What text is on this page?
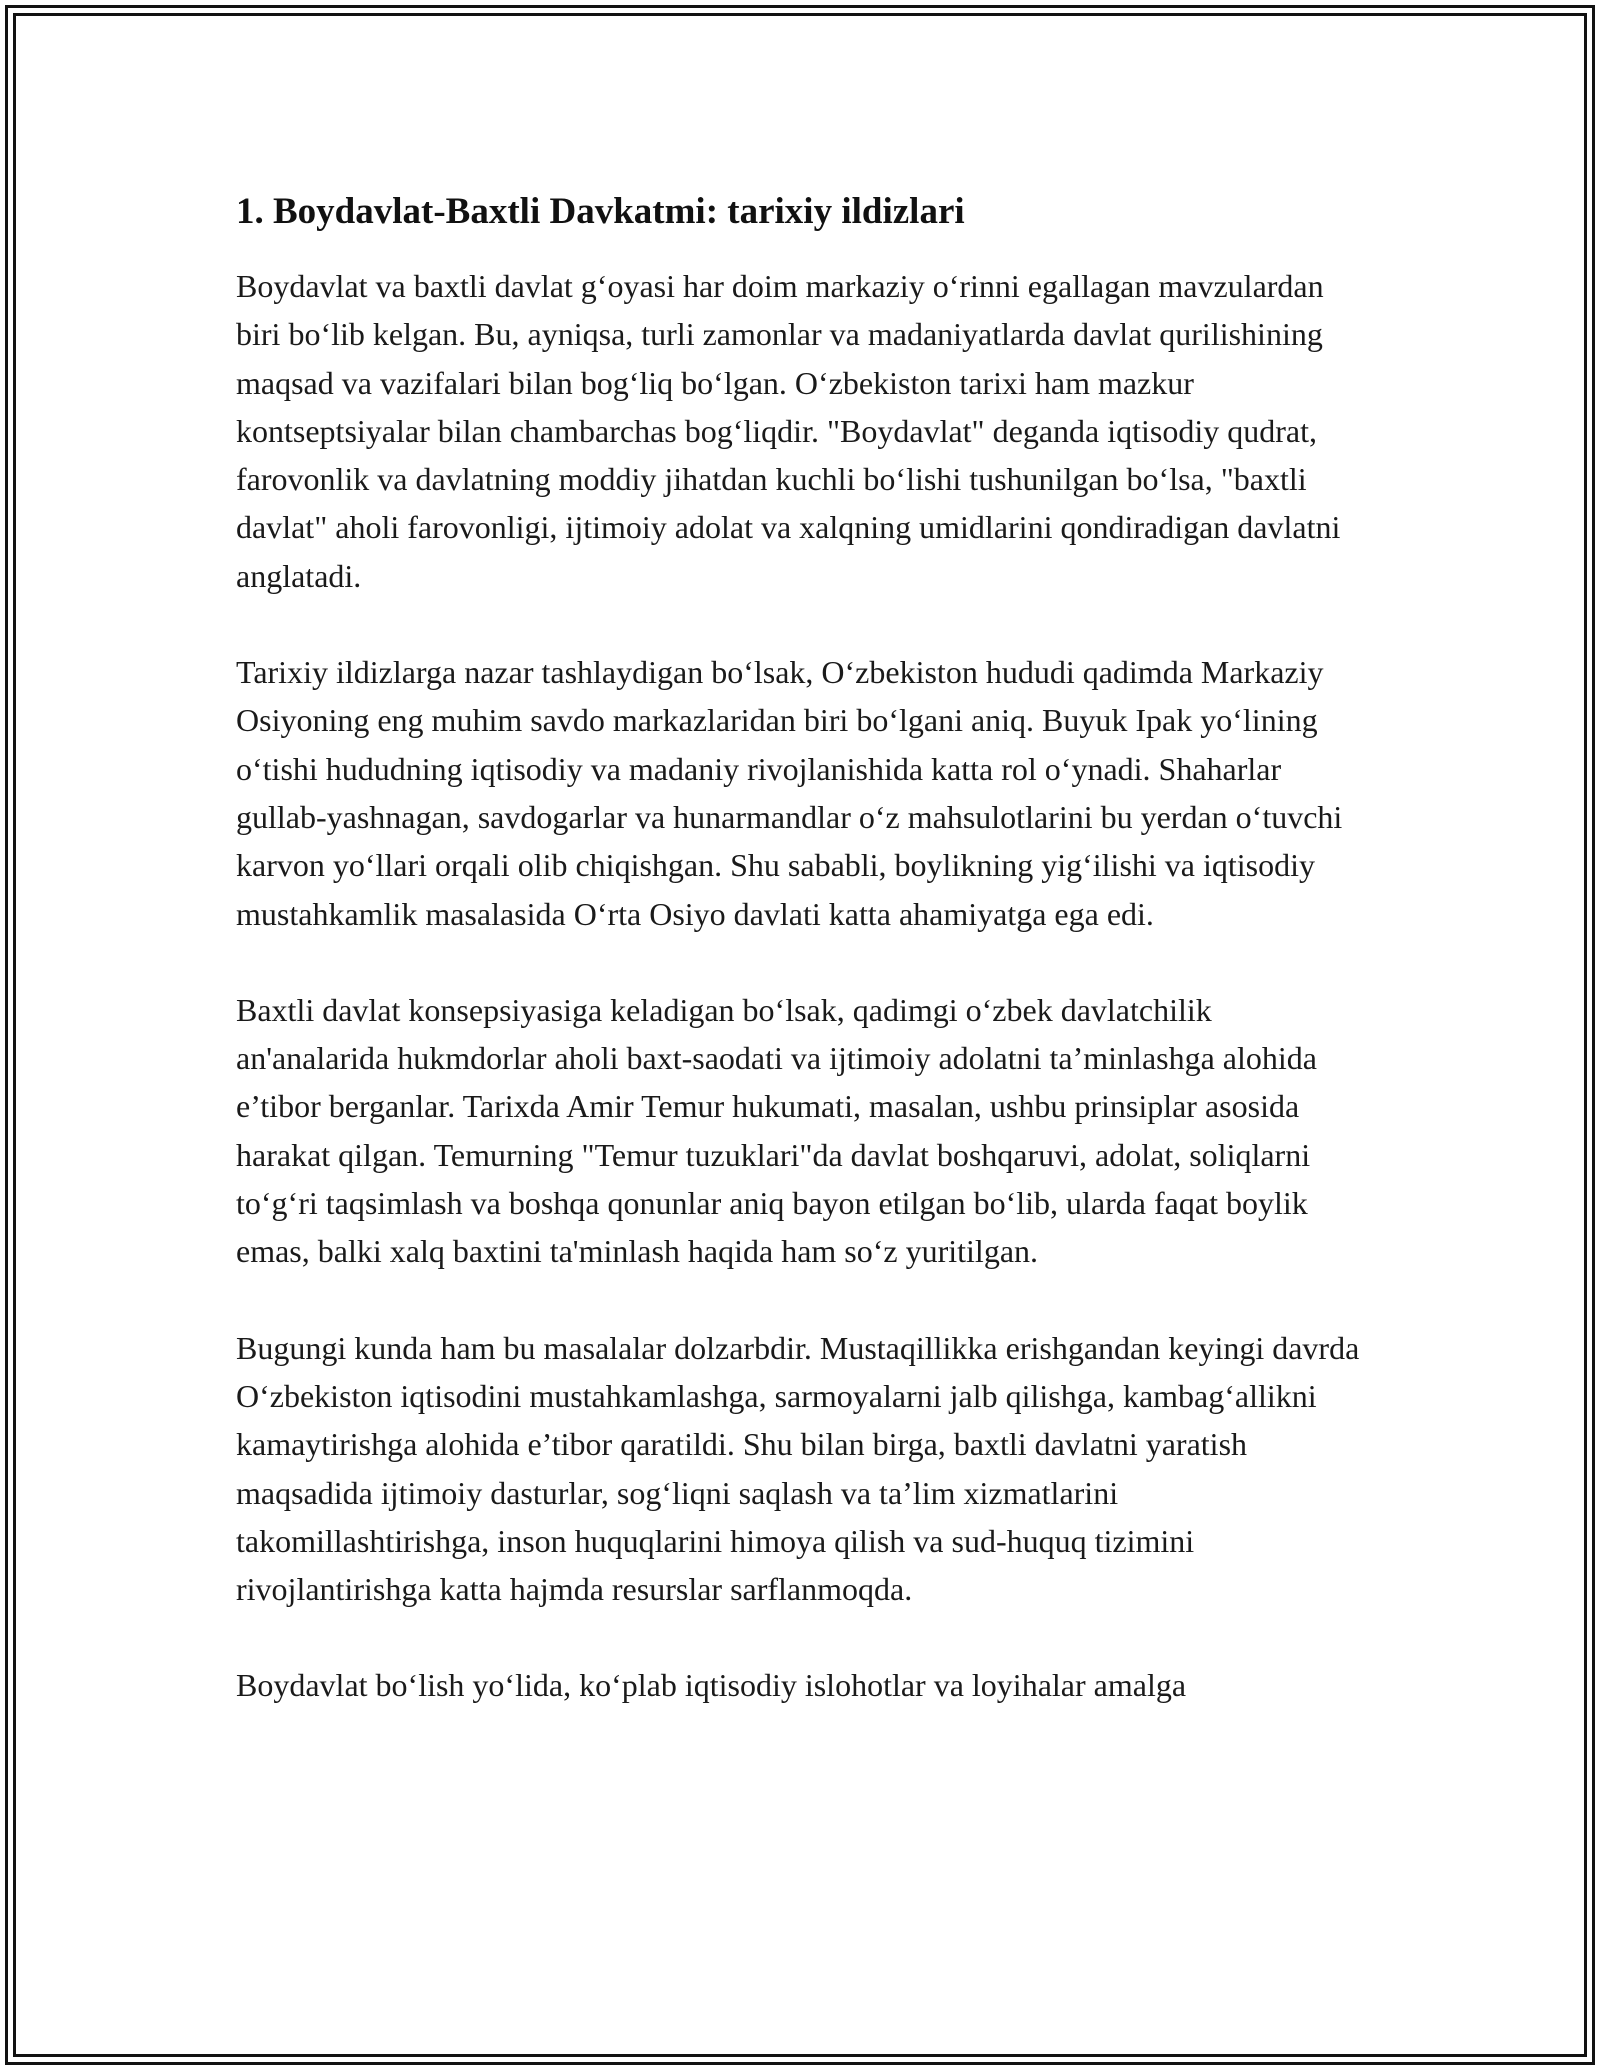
1. Boydavlat-Baxtli Davkatmi: tarixiy ildizlari

Boydavlat va baxtli davlat g‘oyasi har doim markaziy o‘rinni egallagan mavzulardan biri bo‘lib kelgan. Bu, ayniqsa, turli zamonlar va madaniyatlarda davlat qurilishining maqsad va vazifalari bilan bog‘liq bo‘lgan. O‘zbekiston tarixi ham mazkur kontseptsiyalar bilan chambarchas bog‘liqdir. "Boydavlat" deganda iqtisodiy qudrat, farovonlik va davlatning moddiy jihatdan kuchli bo‘lishi tushunilgan bo‘lsa, "baxtli davlat" aholi farovonligi, ijtimoiy adolat va xalqning umidlarini qondiradigan davlatni anglatadi.

Tarixiy ildizlarga nazar tashlaydigan bo‘lsak, O‘zbekiston hududi qadimda Markaziy Osiyoning eng muhim savdo markazlaridan biri bo‘lgani aniq. Buyuk Ipak yo‘lining o‘tishi hududning iqtisodiy va madaniy rivojlanishida katta rol o‘ynadi. Shaharlar gullab-yashnagan, savdogarlar va hunarmandlar o‘z mahsulotlarini bu yerdan o‘tuvchi karvon yo‘llari orqali olib chiqishgan. Shu sababli, boylikning yig‘ilishi va iqtisodiy mustahkamlik masalasida O‘rta Osiyo davlati katta ahamiyatga ega edi.

Baxtli davlat konsepsiyasiga keladigan bo‘lsak, qadimgi o‘zbek davlatchilik an'analarida hukmdorlar aholi baxt-saodati va ijtimoiy adolatni ta’minlashga alohida e’tibor berganlar. Tarixda Amir Temur hukumati, masalan, ushbu prinsiplar asosida harakat qilgan. Temurning "Temur tuzuklari"da davlat boshqaruvi, adolat, soliqlarni to‘g‘ri taqsimlash va boshqa qonunlar aniq bayon etilgan bo‘lib, ularda faqat boylik emas, balki xalq baxtini ta'minlash haqida ham so‘z yuritilgan.

Bugungi kunda ham bu masalalar dolzarbdir. Mustaqillikka erishgandan keyingi davrda O‘zbekiston iqtisodini mustahkamlashga, sarmoyalarni jalb qilishga, kambag‘allikni kamaytirishga alohida e’tibor qaratildi. Shu bilan birga, baxtli davlatni yaratish maqsadida ijtimoiy dasturlar, sog‘liqni saqlash va ta’lim xizmatlarini takomillashtirishga, inson huquqlarini himoya qilish va sud-huquq tizimini rivojlantirishga katta hajmda resurslar sarflanmoqda.

Boydavlat bo‘lish yo‘lida, ko‘plab iqtisodiy islohotlar va loyihalar amalga
